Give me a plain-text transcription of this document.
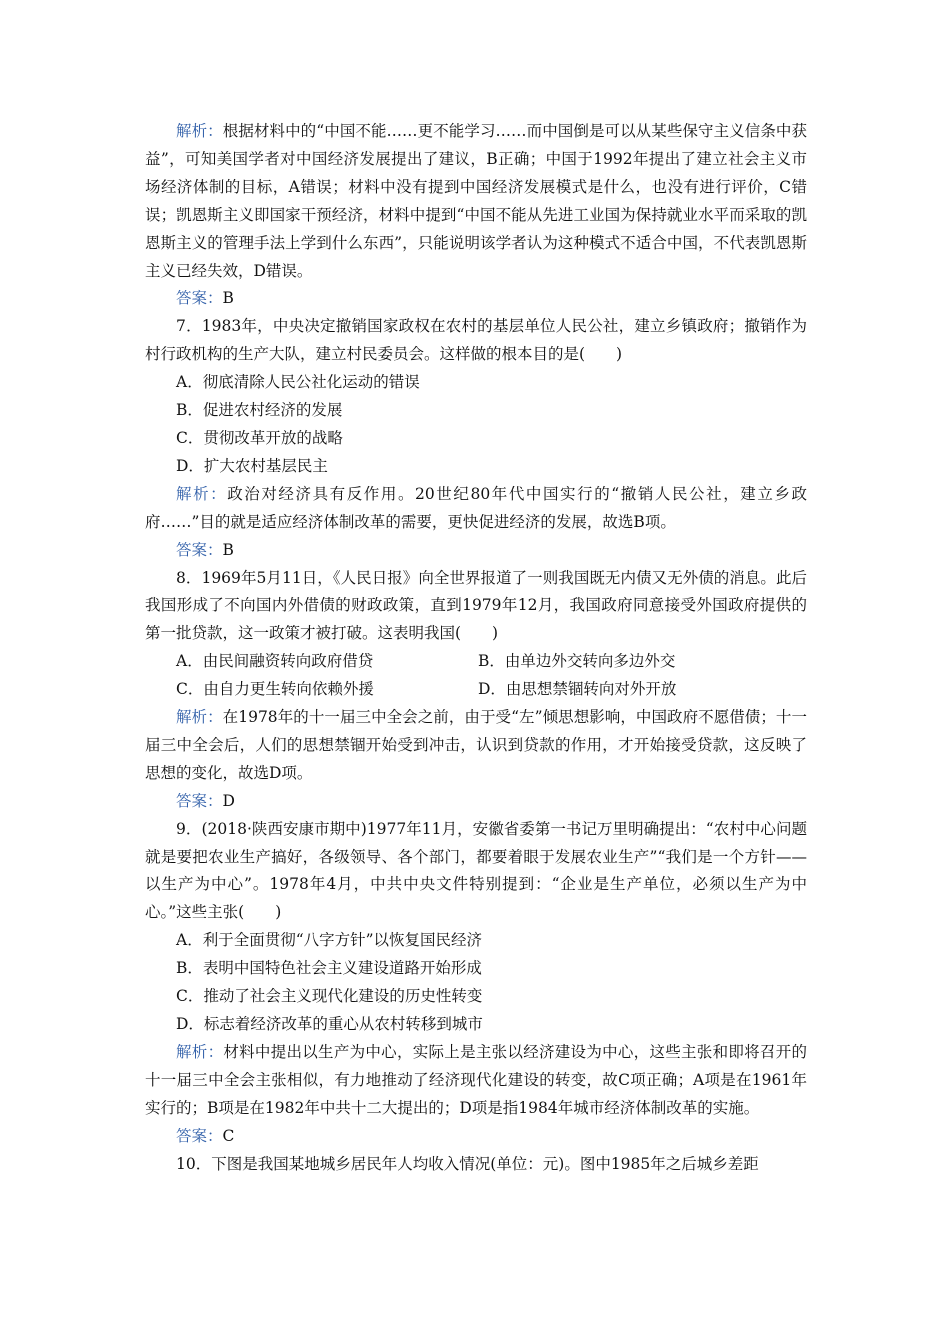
解析：根据材料中的“中国不能……更不能学习……而中国倒是可以从某些保守主义信条中获益”，可知美国学者对中国经济发展提出了建议，B正确；中国于1992年提出了建立社会主义市场经济体制的目标，A错误；材料中没有提到中国经济发展模式是什么，也没有进行评价，C错误；凯恩斯主义即国家干预经济，材料中提到“中国不能从先进工业国为保持就业水平而采取的凯恩斯主义的管理手法上学到什么东西”，只能说明该学者认为这种模式不适合中国，不代表凯恩斯主义已经失效，D错误。

答案：B

7．1983年，中央决定撤销国家政权在农村的基层单位人民公社，建立乡镇政府；撤销作为村行政机构的生产大队，建立村民委员会。这样做的根本目的是(　　)

A．彻底清除人民公社化运动的错误

B．促进农村经济的发展

C．贯彻改革开放的战略

D．扩大农村基层民主

解析：政治对经济具有反作用。20世纪80年代中国实行的“撤销人民公社，建立乡政府……”目的就是适应经济体制改革的需要，更快促进经济的发展，故选B项。

答案：B

8．1969年5月11日，《人民日报》向全世界报道了一则我国既无内债又无外债的消息。此后我国形成了不向国内外借债的财政政策，直到1979年12月，我国政府同意接受外国政府提供的第一批贷款，这一政策才被打破。这表明我国(　　)

A．由民间融资转向政府借贷	B．由单边外交转向多边外交
C．由自力更生转向依赖外援	D．由思想禁锢转向对外开放

解析：在1978年的十一届三中全会之前，由于受“左”倾思想影响，中国政府不愿借债；十一届三中全会后，人们的思想禁锢开始受到冲击，认识到贷款的作用，才开始接受贷款，这反映了思想的变化，故选D项。

答案：D

9．(2018·陕西安康市期中)1977年11月，安徽省委第一书记万里明确提出：“农村中心问题就是要把农业生产搞好，各级领导、各个部门，都要着眼于发展农业生产”“我们是一个方针——以生产为中心”。1978年4月，中共中央文件特别提到：“企业是生产单位，必须以生产为中心。”这些主张(　　)

A．利于全面贯彻“八字方针”以恢复国民经济

B．表明中国特色社会主义建设道路开始形成

C．推动了社会主义现代化建设的历史性转变

D．标志着经济改革的重心从农村转移到城市

解析：材料中提出以生产为中心，实际上是主张以经济建设为中心，这些主张和即将召开的十一届三中全会主张相似，有力地推动了经济现代化建设的转变，故C项正确；A项是在1961年实行的；B项是在1982年中共十二大提出的；D项是指1984年城市经济体制改革的实施。

答案：C

10．下图是我国某地城乡居民年人均收入情况(单位：元)。图中1985年之后城乡差距
